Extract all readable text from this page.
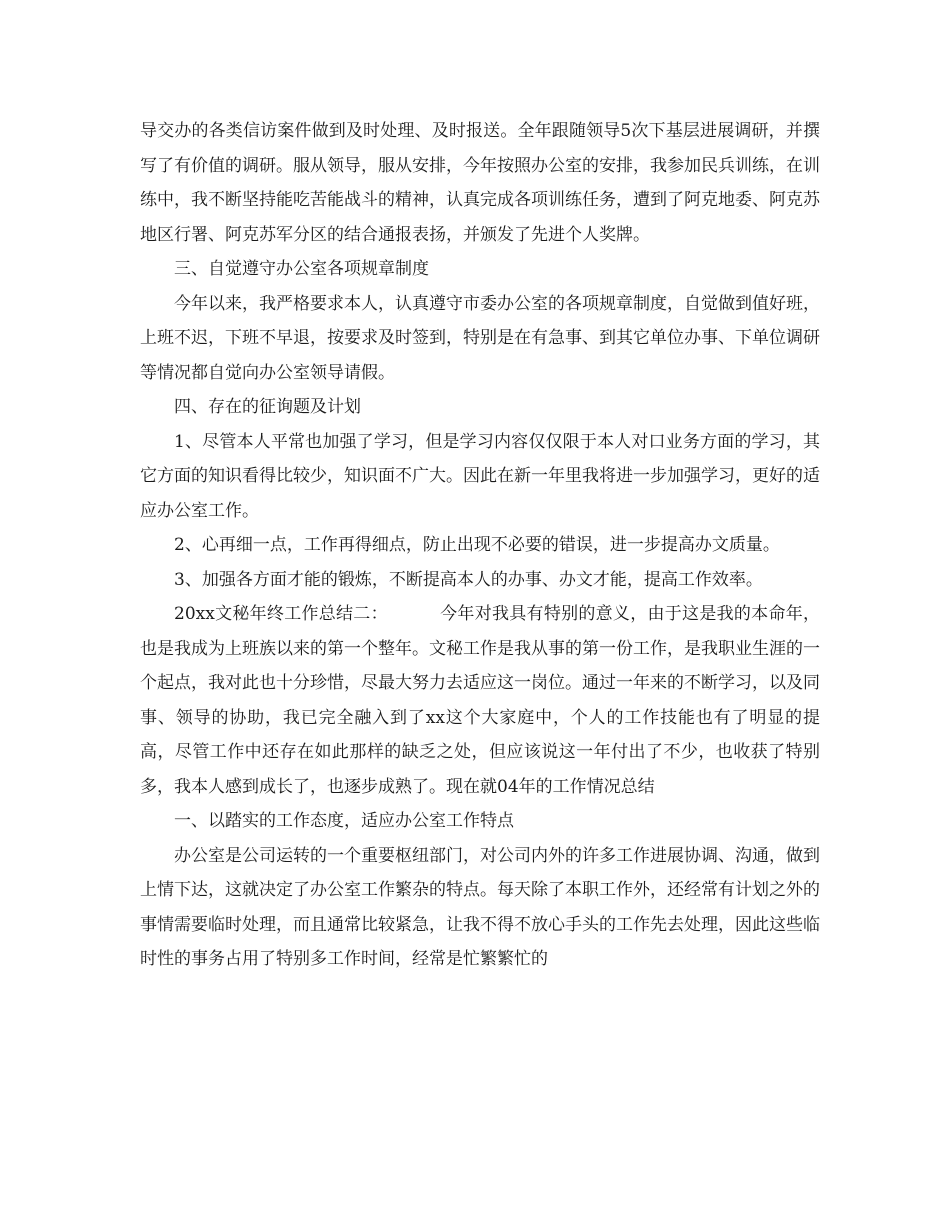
导交办的各类信访案件做到及时处理、及时报送。全年跟随领导5次下基层进展调研，并撰写了有价值的调研。服从领导，服从安排，今年按照办公室的安排，我参加民兵训练，在训练中，我不断坚持能吃苦能战斗的精神，认真完成各项训练任务，遭到了阿克地委、阿克苏地区行署、阿克苏军分区的结合通报表扬，并颁发了先进个人奖牌。

三、自觉遵守办公室各项规章制度

今年以来，我严格要求本人，认真遵守市委办公室的各项规章制度，自觉做到值好班，上班不迟，下班不早退，按要求及时签到，特别是在有急事、到其它单位办事、下单位调研等情况都自觉向办公室领导请假。

四、存在的征询题及计划

1、尽管本人平常也加强了学习，但是学习内容仅仅限于本人对口业务方面的学习，其它方面的知识看得比较少，知识面不广大。因此在新一年里我将进一步加强学习，更好的适应办公室工作。

2、心再细一点，工作再得细点，防止出现不必要的错误，进一步提高办文质量。

3、加强各方面才能的锻炼，不断提高本人的办事、办文才能，提高工作效率。

20xx文秘年终工作总结二：	今年对我具有特别的意义，由于这是我的本命年，也是我成为上班族以来的第一个整年。文秘工作是我从事的第一份工作，是我职业生涯的一个起点，我对此也十分珍惜，尽最大努力去适应这一岗位。通过一年来的不断学习，以及同事、领导的协助，我已完全融入到了xx这个大家庭中，个人的工作技能也有了明显的提高，尽管工作中还存在如此那样的缺乏之处，但应该说这一年付出了不少，也收获了特别多，我本人感到成长了，也逐步成熟了。现在就04年的工作情况总结

一、以踏实的工作态度，适应办公室工作特点

办公室是公司运转的一个重要枢纽部门，对公司内外的许多工作进展协调、沟通，做到上情下达，这就决定了办公室工作繁杂的特点。每天除了本职工作外，还经常有计划之外的事情需要临时处理，而且通常比较紧急，让我不得不放心手头的工作先去处理，因此这些临时性的事务占用了特别多工作时间，经常是忙繁繁忙的
